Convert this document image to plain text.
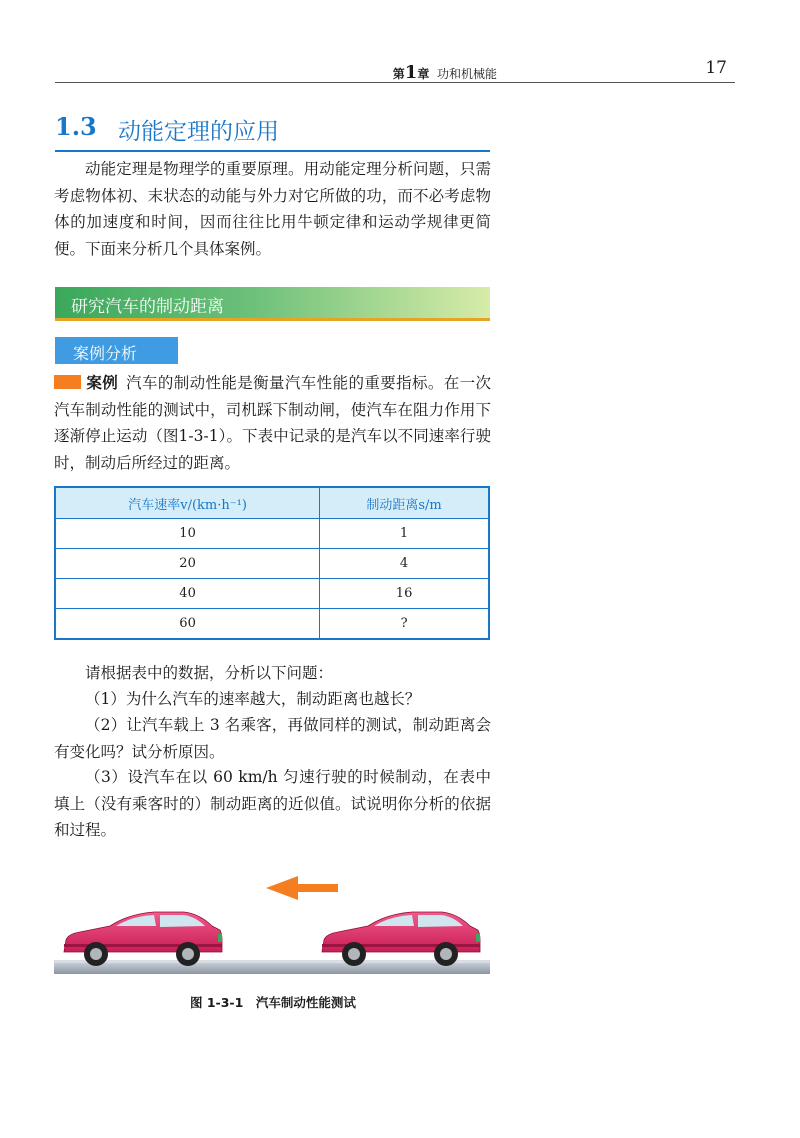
第1章 功和机械能	17
1.3 动能定理的应用

动能定理是物理学的重要原理。用动能定理分析问题，只需考虑物体初、末状态的动能与外力对它所做的功，而不必考虑物体的加速度和时间，因而往往比用牛顿定律和运动学规律更简便。下面来分析几个具体案例。

研究汽车的制动距离
案例分析

案例 汽车的制动性能是衡量汽车性能的重要指标。在一次汽车制动性能的测试中，司机踩下制动闸，使汽车在阻力作用下逐渐停止运动（图1-3-1）。下表中记录的是汽车以不同速率行驶时，制动后所经过的距离。

汽车速率v/(km·h⁻¹)	制动距离s/m
10	1
20	4
40	16
60	?

请根据表中的数据，分析以下问题：

（1）为什么汽车的速率越大，制动距离也越长？

（2）让汽车载上 3 名乘客，再做同样的测试，制动距离会有变化吗？试分析原因。

（3）设汽车在以 60 km/h 匀速行驶的时候制动，在表中填上（没有乘客时的）制动距离的近似值。试说明你分析的依据和过程。

图 1-3-1　汽车制动性能测试
